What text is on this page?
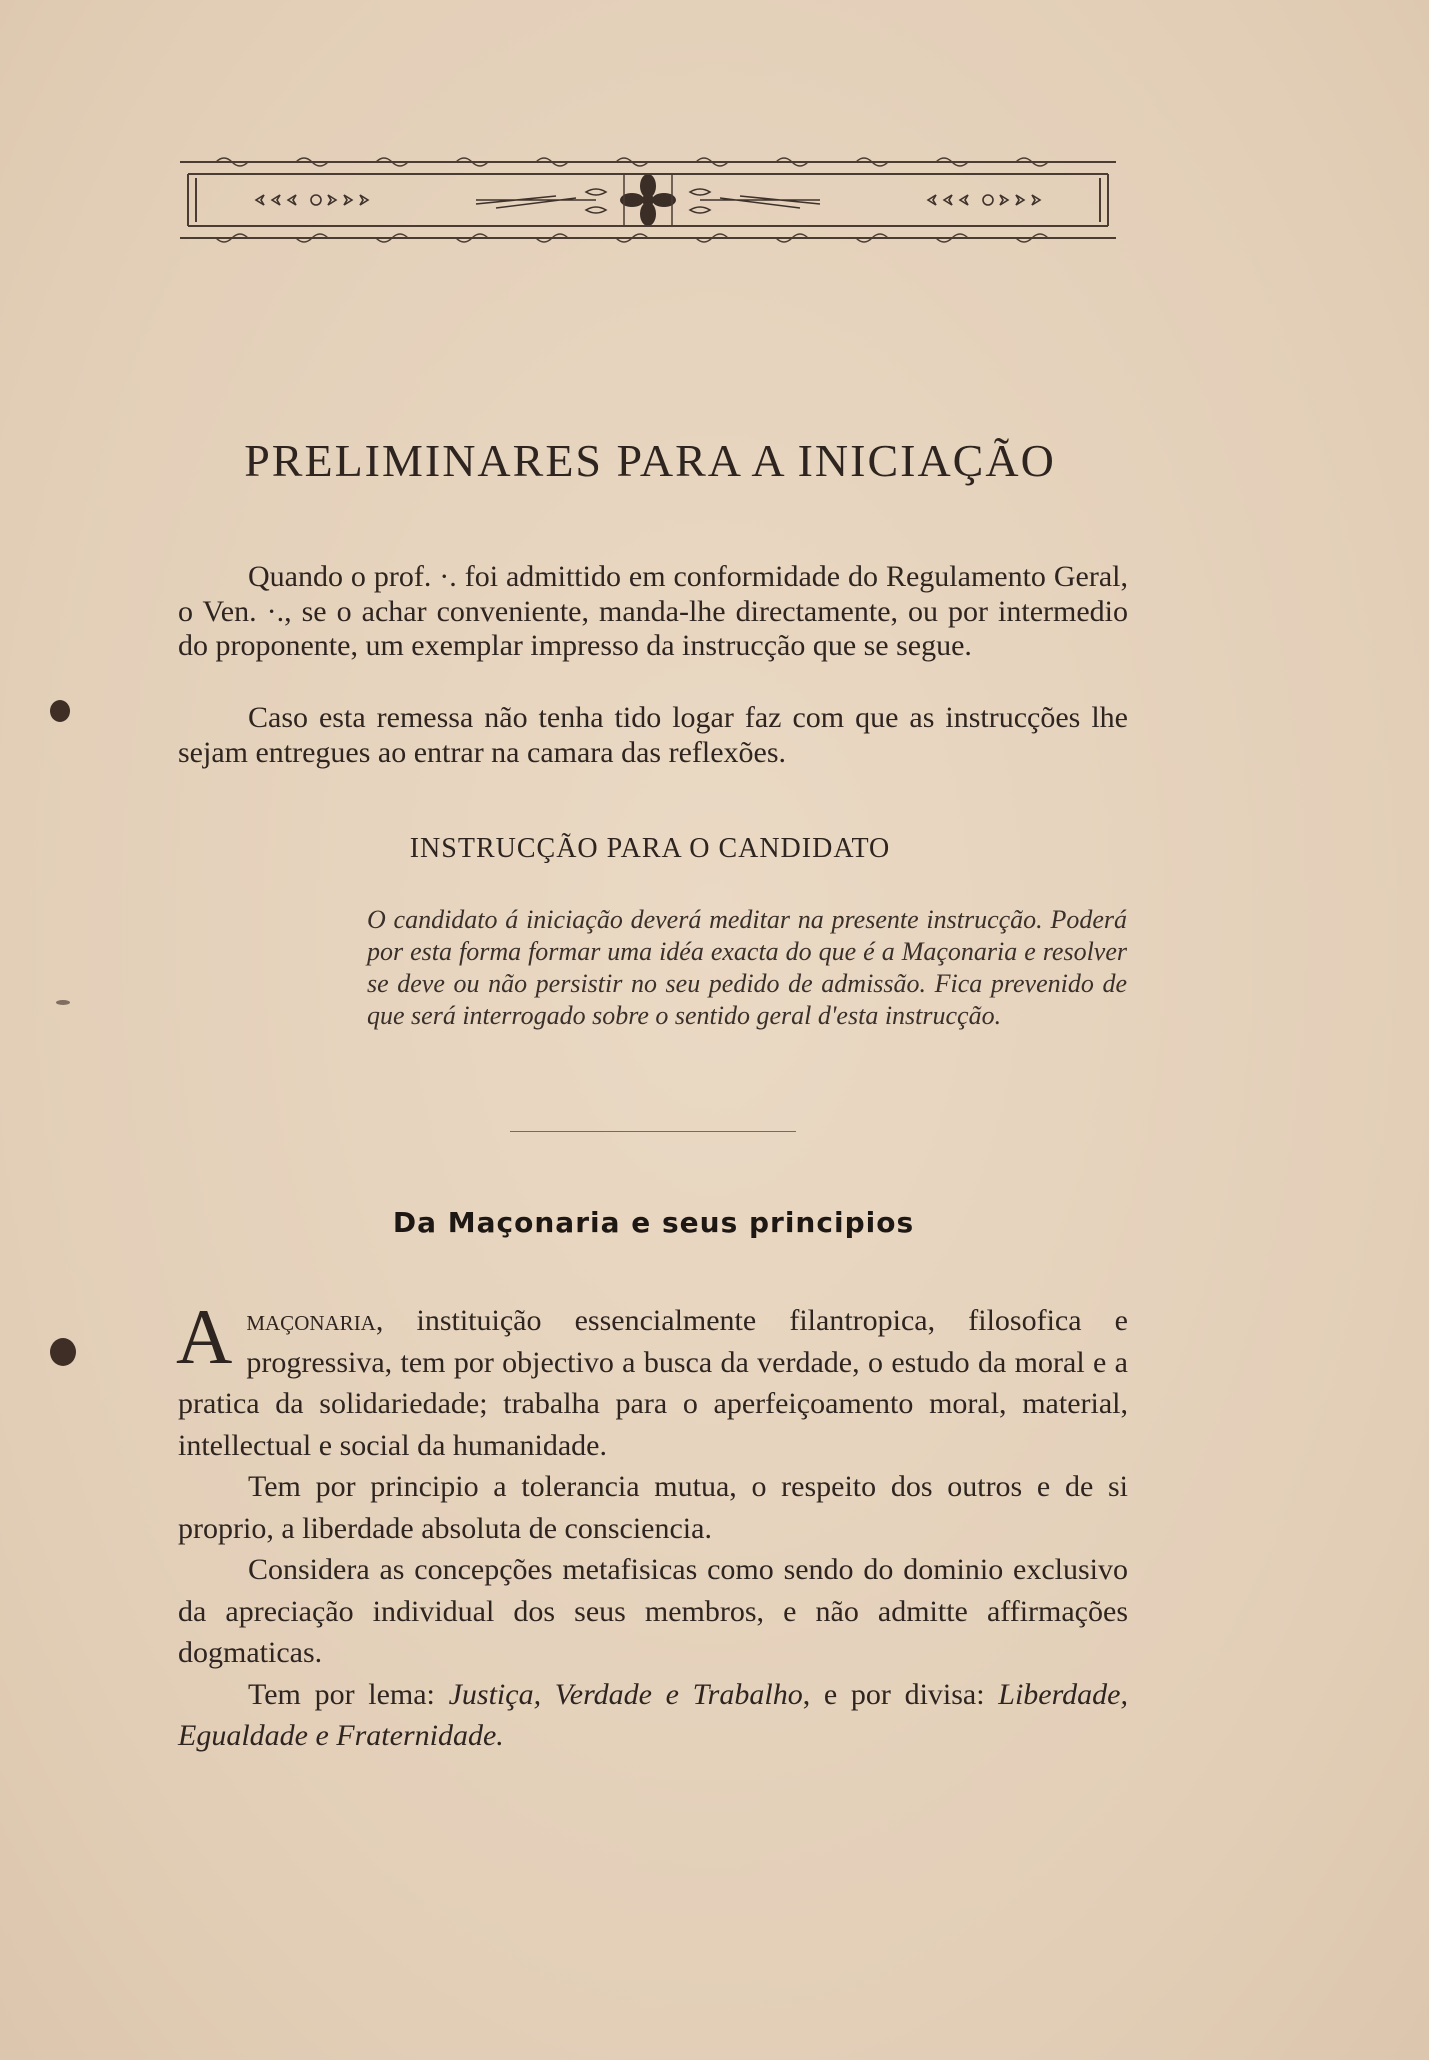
PRELIMINARES PARA A INICIAÇÃO

Quando o prof. ·. foi admittido em conformidade do Regulamento Geral, o Ven. ·., se o achar conveniente, manda-lhe directamente, ou por intermedio do proponente, um exemplar impresso da instrucção que se segue.

Caso esta remessa não tenha tido logar faz com que as instrucções lhe sejam entregues ao entrar na camara das reflexões.

INSTRUCÇÃO PARA O CANDIDATO

O candidato á iniciação deverá meditar na presente instrucção. Poderá por esta forma formar uma idéa exacta do que é a Maçonaria e resolver se deve ou não persistir no seu pedido de admissão. Fica prevenido de que será interrogado sobre o sentido geral d'esta instrucção.

Da Maçonaria e seus principios

Amaçonaria, instituição essencialmente filantropica, filosofica e progressiva, tem por objectivo a busca da verdade, o estudo da moral e a pratica da solidariedade; trabalha para o aperfeiçoamento moral, material, intellectual e social da humanidade.

Tem por principio a tolerancia mutua, o respeito dos outros e de si proprio, a liberdade absoluta de consciencia.

Considera as concepções metafisicas como sendo do dominio exclusivo da apreciação individual dos seus membros, e não admitte affirmações dogmaticas.

Tem por lema: Justiça, Verdade e Trabalho, e por divisa: Liberdade, Egualdade e Fraternidade.
